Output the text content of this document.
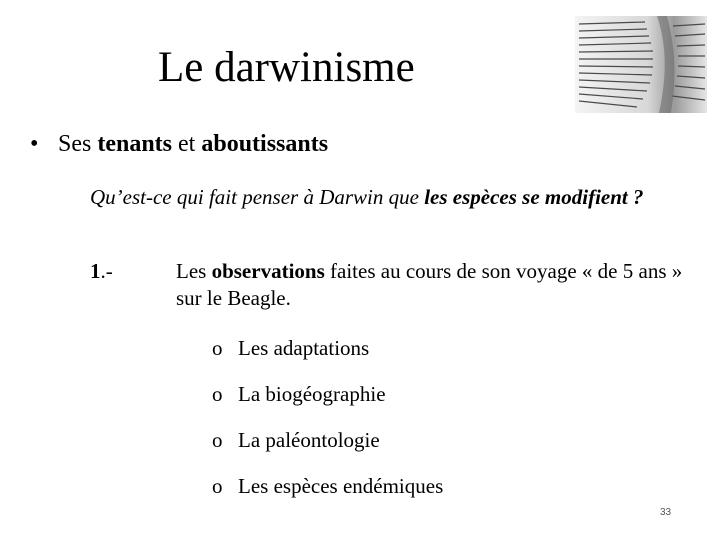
Le darwinisme
• Ses tenants et aboutissants
Qu’est-ce qui fait penser à Darwin que les espèces se modifient ?
1.-	Les observations faites au cours de son voyage « de 5 ans » sur le Beagle.
o Les adaptations
o La biogéographie
o La paléontologie
o Les espèces endémiques
33
